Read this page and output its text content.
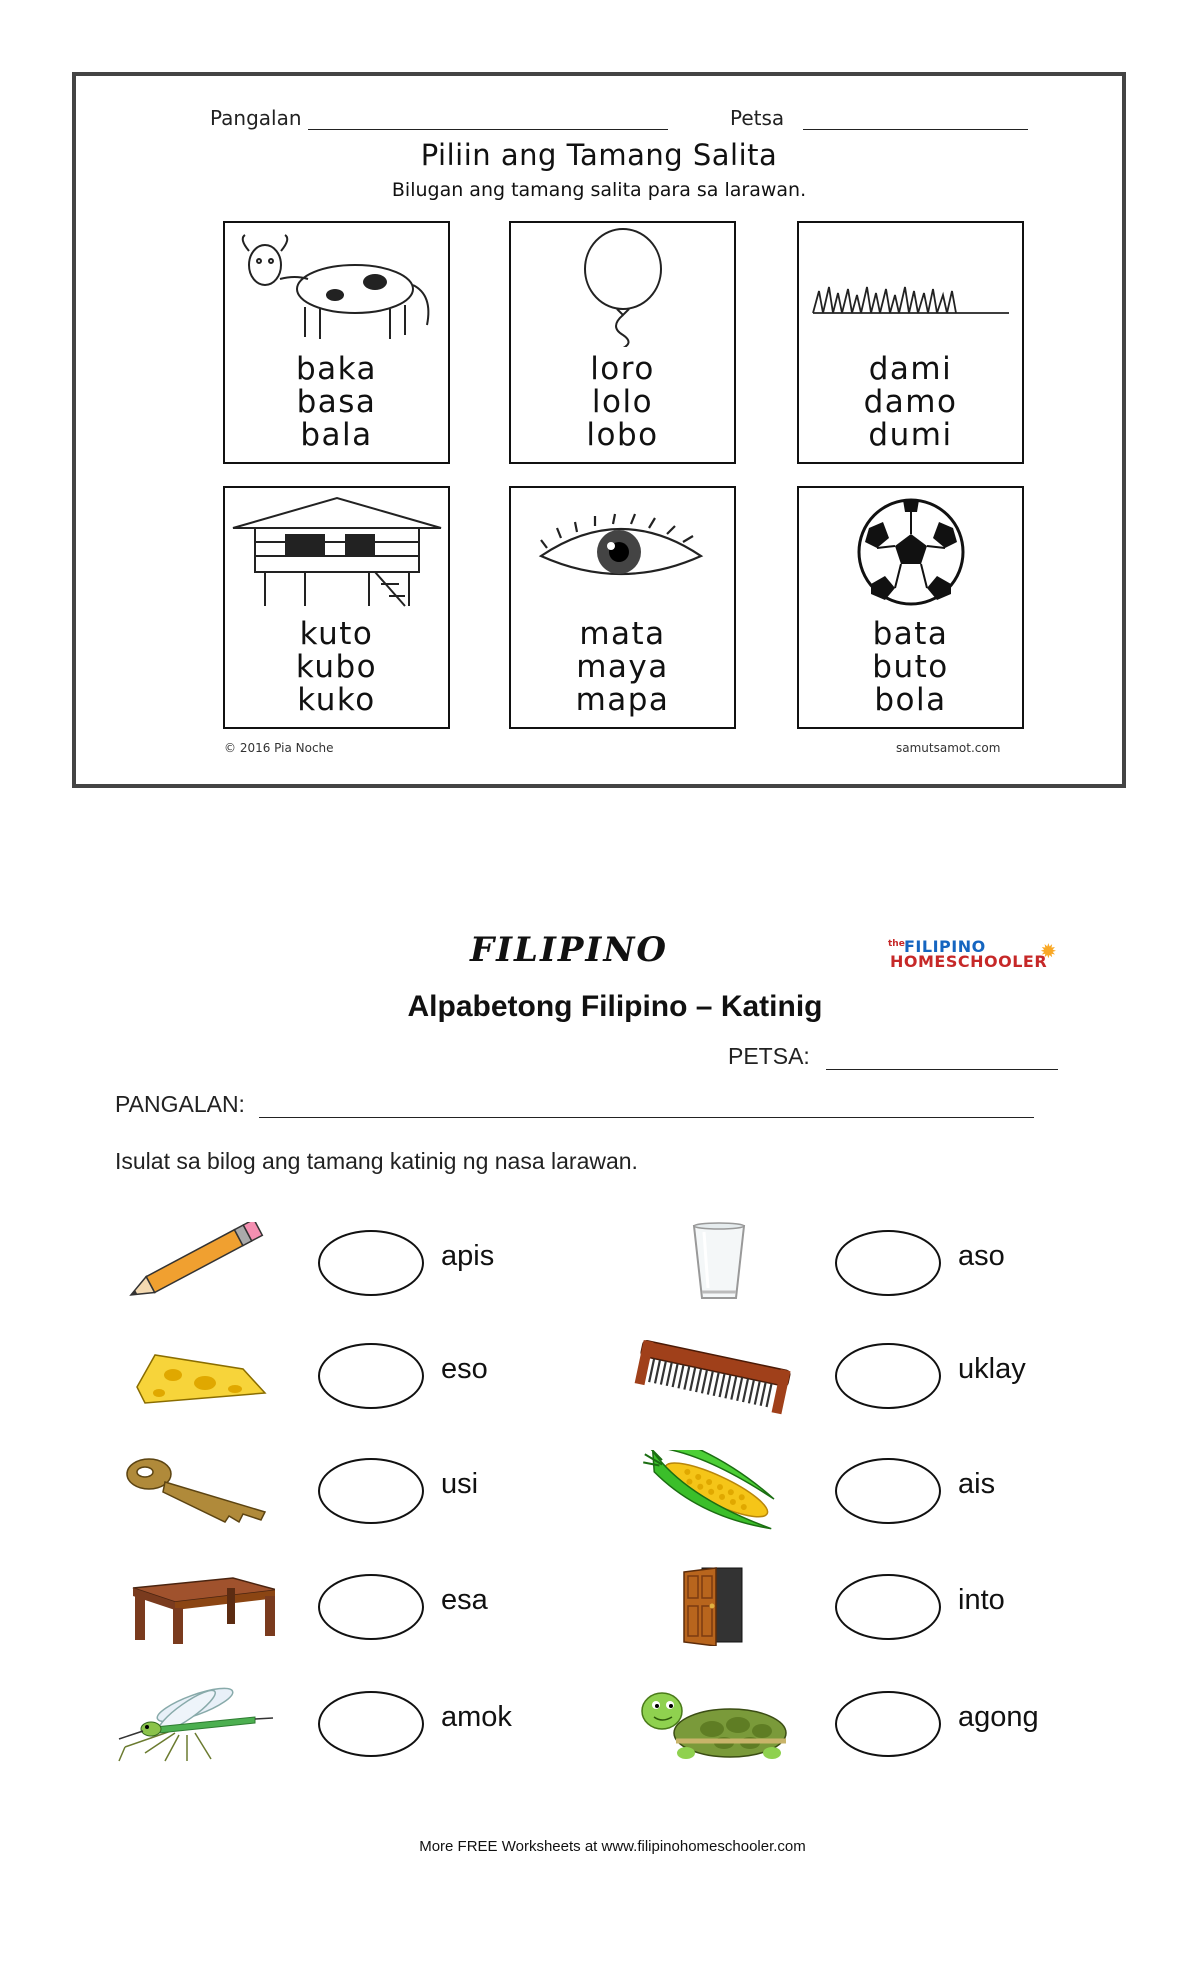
Pangalan	Petsa
Piliin ang Tamang Salita
Bilugan ang tamang salita para sa larawan.
baka
basa
bala
loro
lolo
lobo
dami
damo
dumi
kuto
kubo
kuko
mata
maya
mapa
bata
buto
bola
© 2016 Pia Noche	samutsamot.com
FILIPINO	the FILIPINO
HOMESCHOOLER
✹
Alpabetong Filipino – Katinig
PETSA:
PANGALAN:
Isulat sa bilog ang tamang katinig ng nasa larawan.
apis
eso
usi
esa
amok
aso
uklay
ais
into
agong
More FREE Worksheets at www.filipinohomeschooler.com
